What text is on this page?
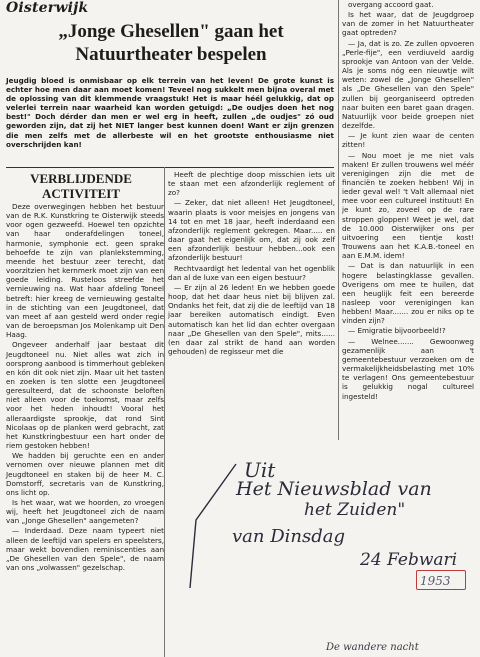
Oisterwijk
„Jonge Ghesellen" gaan het Natuurtheater bespelen
Jeugdig bloed is onmisbaar op elk terrein van het leven! De grote kunst is echter hoe men daar aan moet komen! Teveel nog sukkelt men bijna overal met de oplossing van dit klemmende vraagstuk! Het is maar héél gelukkig, dat op velerlei terrein naar waarheid kan worden getuigd: „De oudjes doen het nog best!" Doch dérder dan men er wel erg in heeft, zullen „de oudjes" zó oud geworden zijn, dat zij het NIET langer best kunnen doen! Want er zijn grenzen die men zelfs met de allerbeste wil en het grootste enthousiasme niet overschrijden kan!
VERBLIJDENDE ACTIVITEIT

Deze overwegingen hebben het bestuur van de R.K. Kunstkring te Oisterwijk steeds voor ogen gezweefd. Hoewel ten opzichte van haar onderafdelingen toneel, harmonie, symphonie ect. geen sprake behoefde te zijn van planlekstemming, meende het bestuur zeer terecht, dat voorzitzien het kernmerk moet zijn van een goede leiding. Rusteloos streefde het vernieuwing na. Wat haar afdeling Toneel betreft: hier kreeg de vernieuwing gestalte in de stichting van een Jeugdtoneel, dat van meet af aan gesteld werd onder regie van de beroepsman Jos Molenkamp uit Den Haag.

Ongeveer anderhalf jaar bestaat dit Jeugdtoneel nu. Niet alles wat zich in oorsprong aanbood is timmerhout gebleken en kón dit ook niet zijn. Maar uit het tasten en zoeken is ten slotte een Jeugdtoneel geresulteerd, dat de schoonste beloften niet alleen voor de toekomst, maar zelfs voor het heden inhoudt! Vooral het alleraardigste sprookje, dat rond Sint Nicolaas op de planken werd gebracht, zat het Kunstkringbestuur een hart onder de riem gestoken hebben!

We hadden bij geruchte een en ander vernomen over nieuwe plannen met dit Jeugdtoneel en staken bij de heer M. C. Domstorff, secretaris van de Kunstkring, ons licht op.

Is het waar, wat we hoorden, zo vroegen wij, heeft het Jeugdtoneel zich de naam van „Jonge Ghesellen" aangemeten?

— Inderdaad. Deze naam typeert niet alleen de leeftijd van spelers en speelsters, maar wekt bovendien reminiscenties aan „De Ghesellen van den Spele", de naam van ons „volwassen" gezelschap.

Heeft de plechtige doop misschien iets uit te staan met een afzonderlijk reglement of zo?

— Zeker, dat niet alleen! Het Jeugdtoneel, waarin plaats is voor meisjes en jongens van 14 tot en met 18 jaar, heeft inderdaand een afzonderlijk reglement gekregen. Maar..... en daar gaat het eigenlijk om, dat zij ook zelf een afzonderlijk bestuur hebben...ook een afzonderlijk bestuur!

Rechtvaardigt het ledental van het ogenblik dan al de luxe van een eigen bestuur?

— Er zijn al 26 leden! En we hebben goede hoop, dat het daar heus niet bij blijven zal. Ondanks het feit, dat zij die de leeftijd van 18 jaar bereiken automatisch eindigt. Even automatisch kan het lid dan echter overgaan naar „De Ghesellen van den Spele", mits...... (en daar zal strikt de hand aan worden gehouden) de regisseur met die

overgang accoord gaat.

Is het waar, dat de Jeugdgroep van de zomer in het Natuurtheater gaat optreden?

— Ja, dat is zo. Ze zullen opvoeren „Perle-fije", een verdiuveld aardig sprookje van Antoon van der Velde. Als je soms nóg een nieuwtje wilt weten: zowel de „Jonge Ghesellen" als „De Ghesellen van den Spele" zullen bij georganiseerd optreden naar buiten een baret gaan dragen. Natuurlijk voor beide groepen niet dezelfde.

— Je kunt zien waar de centen zitten!

— Nou moet je me niet vals maken! Er zullen trouwens wel méér verenigingen zijn die met de financiën te zoeken hebben! Wij in ieder geval wel! 't Valt allemaal niet mee voor een cultureel instituut! En je kunt zo, zoveel op de rare stroppen gloppen! Weet je wel, dat de 10.000 Oisterwijker ons per uitvoering een tientje kost! Trouwens aan het K.A.B.-toneel en aan E.M.M. idem!

— Dat is dan natuurlijk in een hogere belastingklasse gevallen. Overigens om mee te huilen, dat een heuglijk feit een bereerde nasleep voor verenigingen kan hebben! Maar....... zou er niks op te vinden zijn?

— Emigratie bijvoorbeeld!?

— Welnee....... Gewoonweg gezamenlijk aan 't gemeentebestuur verzoeken om de vermakelijkheidsbelasting met 10% te verlagen! Ons gemeentebestuur is gelukkig nogal cultureel ingesteld!

Uit
Het Nieuwsblad van
het Zuiden"
van Dinsdag
24 Febwari
1953
De wandere nacht
